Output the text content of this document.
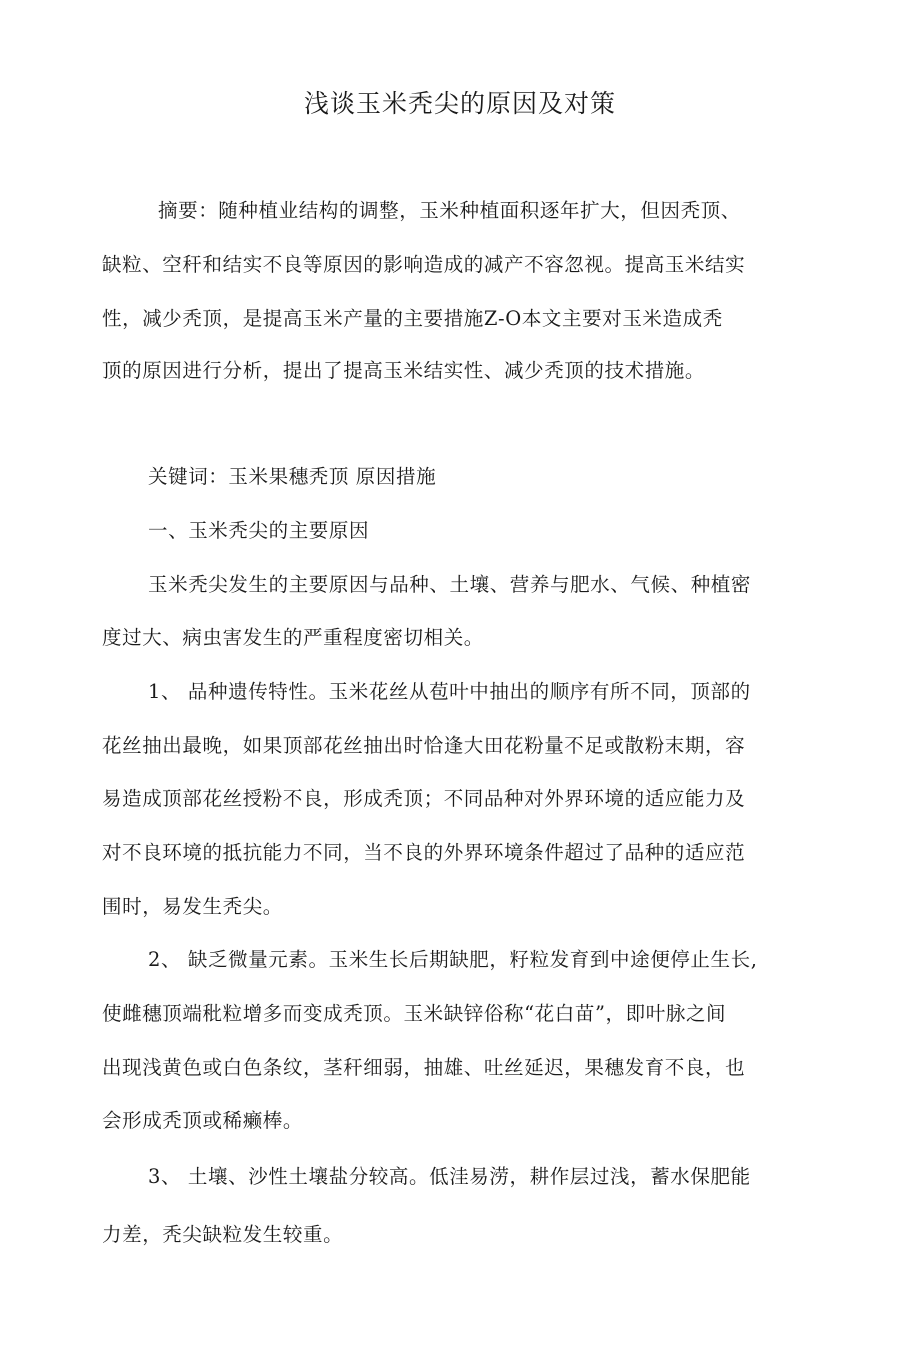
浅谈玉米秃尖的原因及对策
摘要：随种植业结构的调整，玉米种植面积逐年扩大，但因秃顶、
缺粒、空秆和结实不良等原因的影响造成的减产不容忽视。提高玉米结实
性，减少秃顶，是提高玉米产量的主要措施Z-O本文主要对玉米造成秃
顶的原因进行分析，提出了提高玉米结实性、减少秃顶的技术措施。
关键词：玉米果穗秃顶 原因措施
一、玉米秃尖的主要原因
玉米秃尖发生的主要原因与品种、土壤、营养与肥水、气候、种植密
度过大、病虫害发生的严重程度密切相关。
1、 品种遗传特性。玉米花丝从苞叶中抽出的顺序有所不同，顶部的
花丝抽出最晚，如果顶部花丝抽出时恰逢大田花粉量不足或散粉末期，容
易造成顶部花丝授粉不良，形成秃顶；不同品种对外界环境的适应能力及
对不良环境的抵抗能力不同，当不良的外界环境条件超过了品种的适应范
围时，易发生秃尖。
2、 缺乏微量元素。玉米生长后期缺肥，籽粒发育到中途便停止生长,
使雌穗顶端秕粒增多而变成秃顶。玉米缺锌俗称“花白苗”，即叶脉之间
出现浅黄色或白色条纹，茎秆细弱，抽雄、吐丝延迟，果穗发育不良，也
会形成秃顶或稀癞棒。
3、 土壤、沙性土壤盐分较高。低洼易涝，耕作层过浅，蓄水保肥能
力差，秃尖缺粒发生较重。
